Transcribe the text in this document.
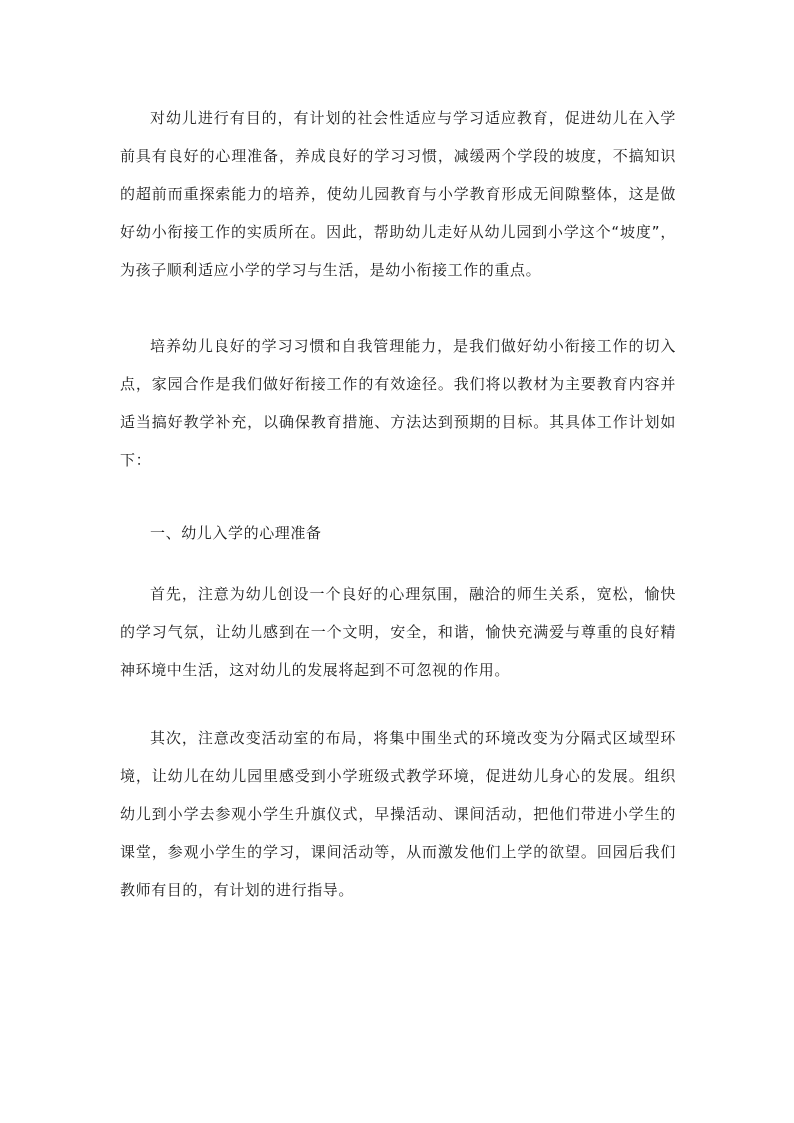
对幼儿进行有目的，有计划的社会性适应与学习适应教育，促进幼儿在入学前具有良好的心理准备，养成良好的学习习惯，减缓两个学段的坡度，不搞知识的超前而重探索能力的培养，使幼儿园教育与小学教育形成无间隙整体，这是做好幼小衔接工作的实质所在。因此，帮助幼儿走好从幼儿园到小学这个“坡度”，为孩子顺利适应小学的学习与生活，是幼小衔接工作的重点。

培养幼儿良好的学习习惯和自我管理能力，是我们做好幼小衔接工作的切入点，家园合作是我们做好衔接工作的有效途径。我们将以教材为主要教育内容并适当搞好教学补充，以确保教育措施、方法达到预期的目标。其具体工作计划如下：

一、幼儿入学的心理准备

首先，注意为幼儿创设一个良好的心理氛围，融洽的师生关系，宽松，愉快的学习气氛，让幼儿感到在一个文明，安全，和谐，愉快充满爱与尊重的良好精神环境中生活，这对幼儿的发展将起到不可忽视的作用。

其次，注意改变活动室的布局，将集中围坐式的环境改变为分隔式区域型环境，让幼儿在幼儿园里感受到小学班级式教学环境，促进幼儿身心的发展。组织幼儿到小学去参观小学生升旗仪式，早操活动、课间活动，把他们带进小学生的课堂，参观小学生的学习，课间活动等，从而激发他们上学的欲望。回园后我们教师有目的，有计划的进行指导。
